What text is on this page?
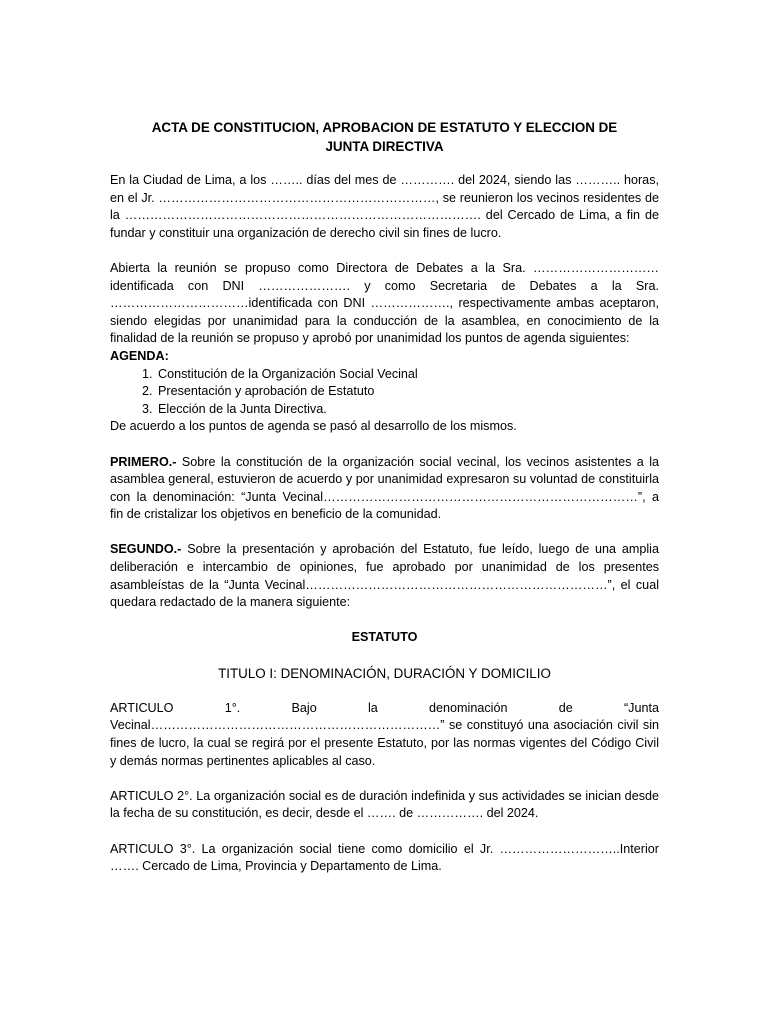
ACTA DE CONSTITUCION, APROBACION DE ESTATUTO Y ELECCION DE JUNTA DIRECTIVA

En la Ciudad de Lima, a los …….. días del mes de …………. del 2024, siendo las ……….. horas, en el Jr. …………………………………………………………, se reunieron los vecinos residentes de la …………………………………………………………………………. del Cercado de Lima, a fin de fundar y constituir una organización de derecho civil sin fines de lucro.

Abierta la reunión se propuso como Directora de Debates a la Sra. …………………………identificada con DNI …………………. y como Secretaria de Debates a la Sra. ……………………………identificada con DNI ………………., respectivamente ambas aceptaron, siendo elegidas por unanimidad para la conducción de la asamblea, en conocimiento de la finalidad de la reunión se propuso y aprobó por unanimidad los puntos de agenda siguientes:

AGENDA:

1. Constitución de la Organización Social Vecinal
2. Presentación y aprobación de Estatuto
3. Elección de la Junta Directiva.

De acuerdo a los puntos de agenda se pasó al desarrollo de los mismos.

PRIMERO.- Sobre la constitución de la organización social vecinal, los vecinos asistentes a la asamblea general, estuvieron de acuerdo y por unanimidad expresaron su voluntad de constituirla con la denominación: “Junta Vecinal…………………………………………………………………”, a fin de cristalizar los objetivos en beneficio de la comunidad.

SEGUNDO.- Sobre la presentación y aprobación del Estatuto, fue leído, luego de una amplia deliberación e intercambio de opiniones, fue aprobado por unanimidad de los presentes asambleístas de la “Junta Vecinal………………………………………………………………”, el cual quedara redactado de la manera siguiente:

ESTATUTO

TITULO I: DENOMINACIÓN, DURACIÓN Y DOMICILIO

ARTICULO 1°. Bajo la denominación de “Junta Vecinal……………………………………………………………” se constituyó una asociación civil sin fines de lucro, la cual se regirá por el presente Estatuto, por las normas vigentes del Código Civil y demás normas pertinentes aplicables al caso.

ARTICULO 2°. La organización social es de duración indefinida y sus actividades se inician desde la fecha de su constitución, es decir, desde el ……. de ……………. del 2024.

ARTICULO 3°. La organización social tiene como domicilio el Jr. ………………………..Interior ……. Cercado de Lima, Provincia y Departamento de Lima.
